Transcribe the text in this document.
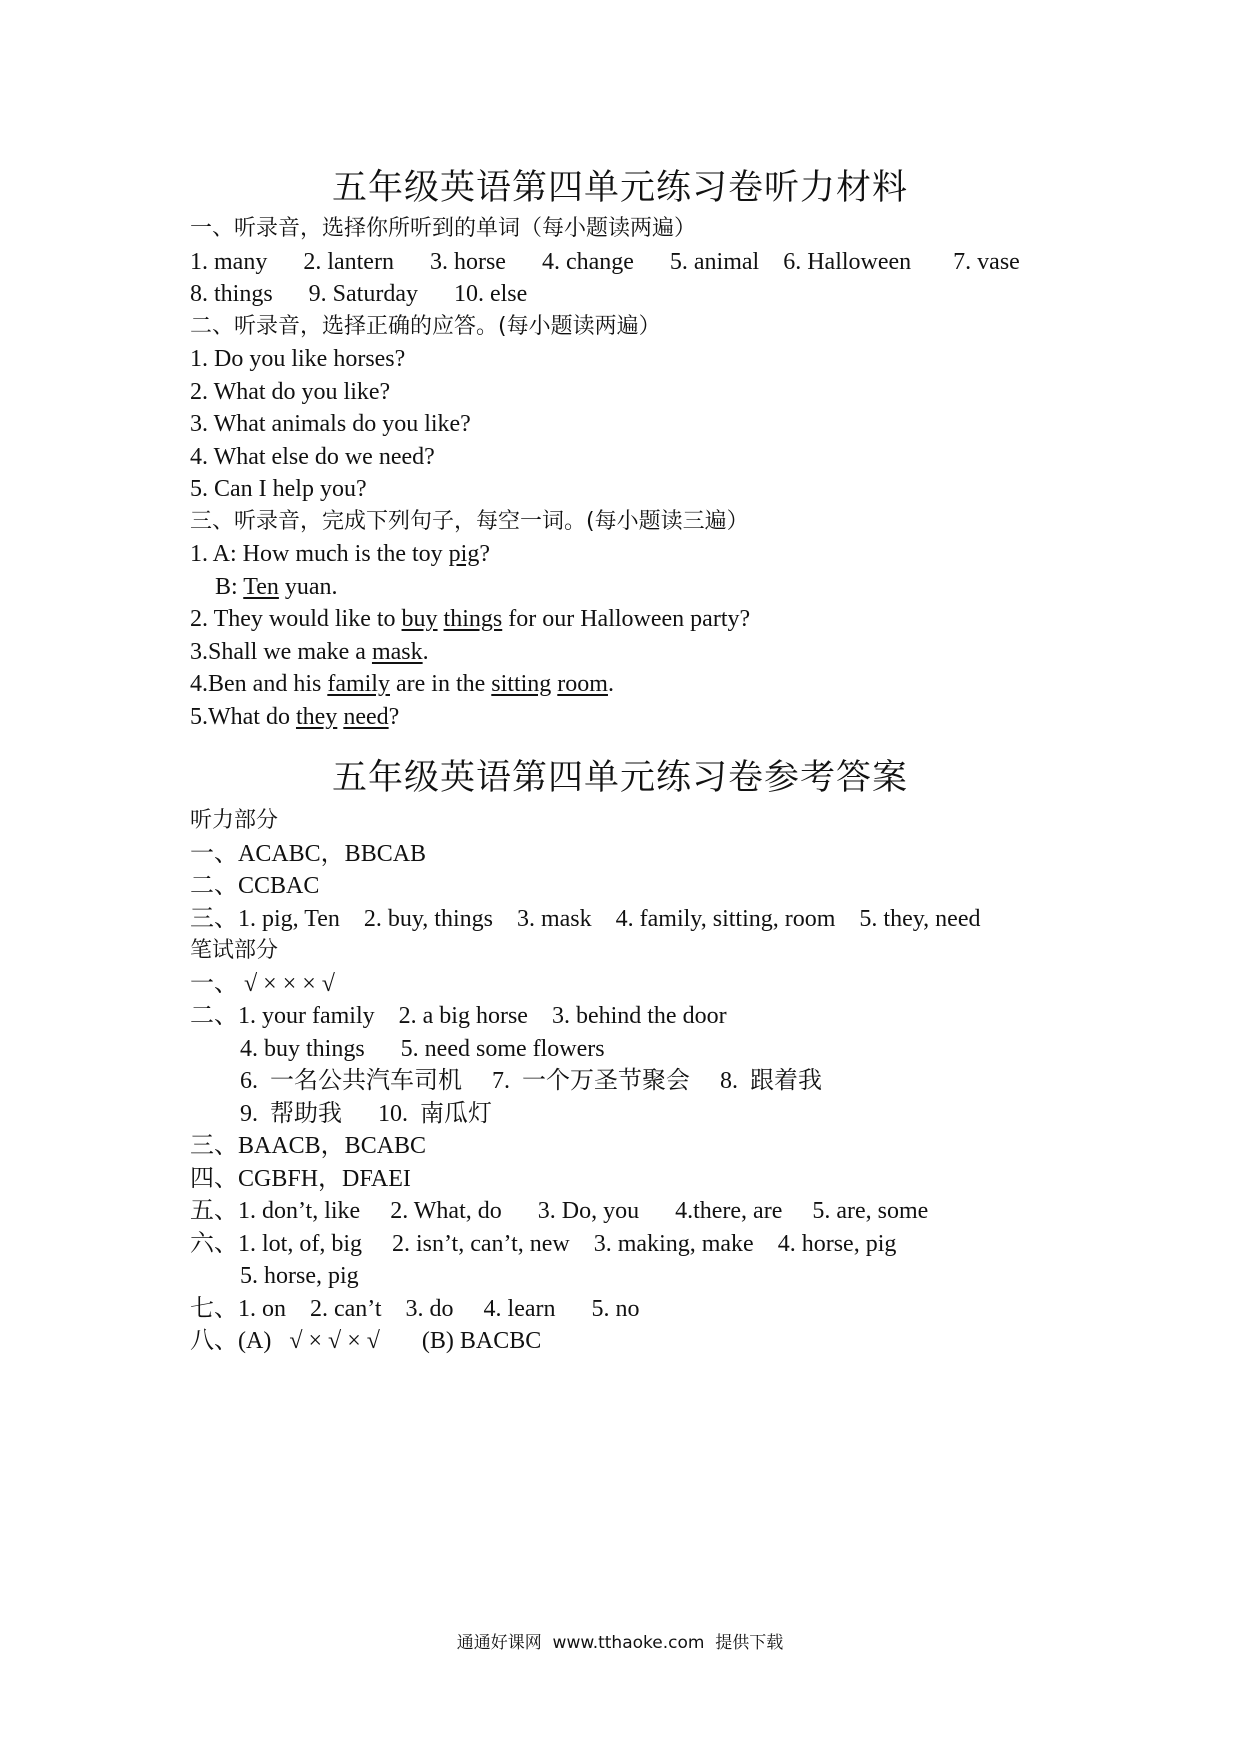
五年级英语第四单元练习卷听力材料
一、听录音，选择你所听到的单词（每小题读两遍）
1. many      2. lantern      3. horse      4. change      5. animal    6. Halloween       7. vase
8. things      9. Saturday      10. else
二、听录音，选择正确的应答。(每小题读两遍）
1. Do you like horses?
2. What do you like?
3. What animals do you like?
4. What else do we need?
5. Can I help you?
三、听录音，完成下列句子，每空一词。(每小题读三遍）
1. A: How much is the toy pig?
B: Ten yuan.
2. They would like to buy things for our Halloween party?
3.Shall we make a mask.
4.Ben and his family are in the sitting room.
5.What do they need?
五年级英语第四单元练习卷参考答案
听力部分
一、ACABC，BBCAB
二、CCBAC
三、1. pig, Ten    2. buy, things    3. mask    4. family, sitting, room    5. they, need
笔试部分
一、 √ × × × √
二、1. your family    2. a big horse    3. behind the door
4. buy things      5. need some flowers
6.  一名公共汽车司机     7.  一个万圣节聚会     8.  跟着我
9.  帮助我      10.  南瓜灯
三、BAACB，BCABC
四、CGBFH，DFAEI
五、1. don’t, like     2. What, do      3. Do, you      4.there, are     5. are, some
六、1. lot, of, big     2. isn’t, can’t, new    3. making, make    4. horse, pig
5. horse, pig
七、1. on    2. can’t    3. do     4. learn      5. no
八、(A)   √ × √ × √       (B) BACBC
通通好课网  www.tthaoke.com  提供下载
